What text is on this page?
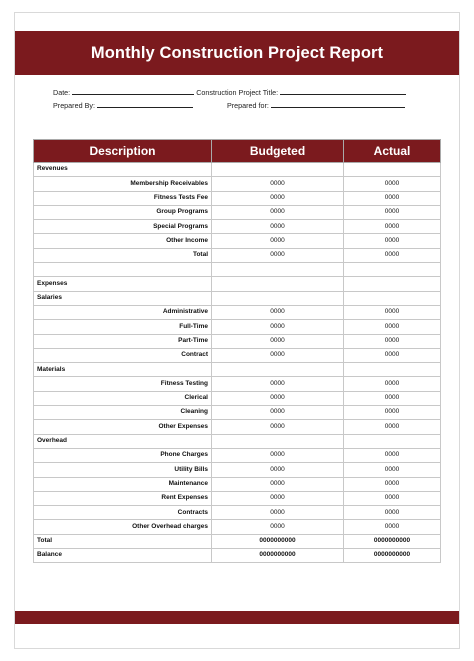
Monthly Construction Project Report
Date:	Construction Project Title:
Prepared By:	Prepared for:
Description	Budgeted	Actual
Revenues		
Membership Receivables	0000	0000
Fitness Tests Fee	0000	0000
Group Programs	0000	0000
Special Programs	0000	0000
Other Income	0000	0000
Total	0000	0000

Expenses		
Salaries		
Administrative	0000	0000
Full-Time	0000	0000
Part-Time	0000	0000
Contract	0000	0000
Materials		
Fitness Testing	0000	0000
Clerical	0000	0000
Cleaning	0000	0000
Other Expenses	0000	0000
Overhead		
Phone Charges	0000	0000
Utility Bills	0000	0000
Maintenance	0000	0000
Rent Expenses	0000	0000
Contracts	0000	0000
Other Overhead charges	0000	0000
Total	0000000000	0000000000
Balance	0000000000	0000000000
